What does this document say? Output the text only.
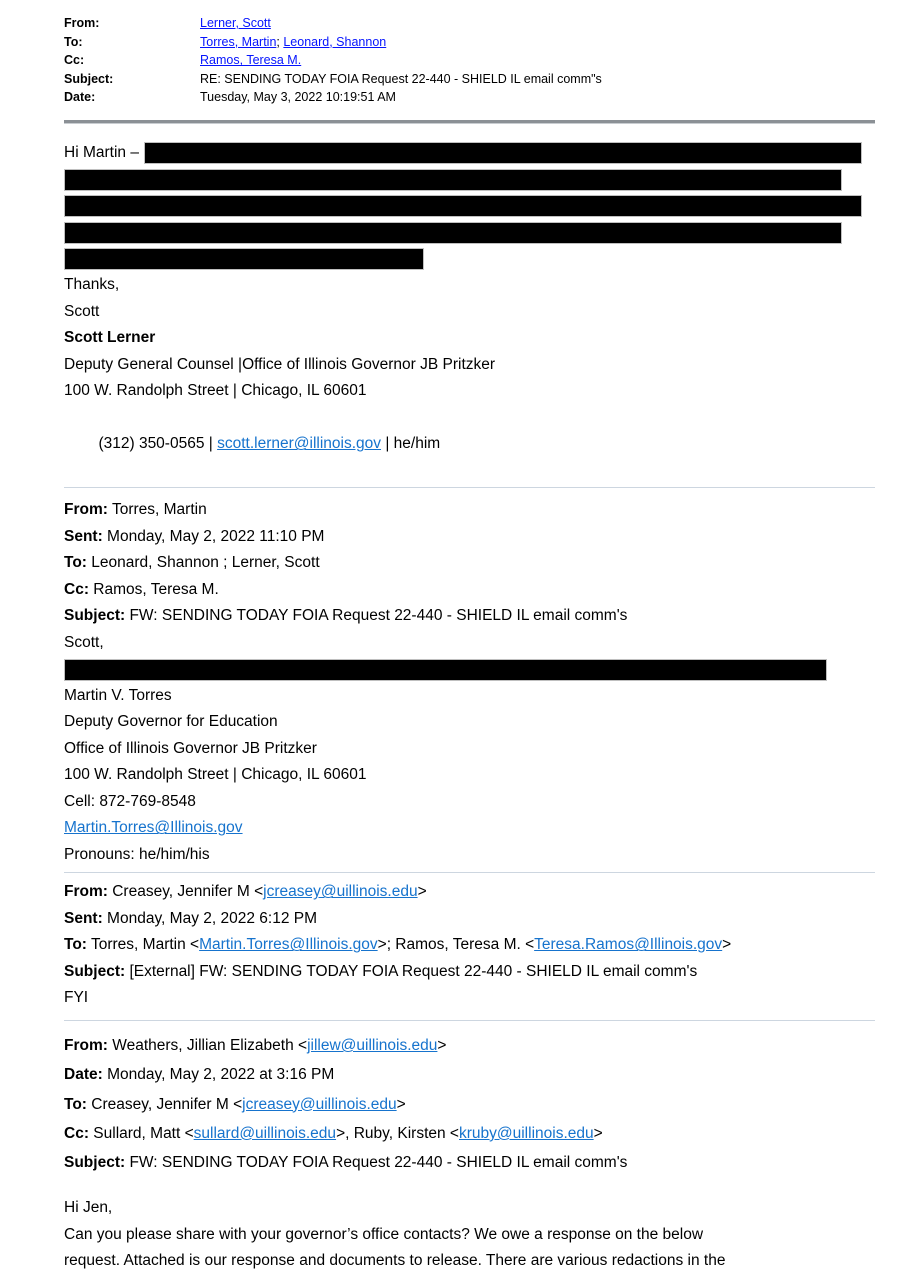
From:	Lerner, Scott
To:	Torres, Martin; Leonard, Shannon
Cc:	Ramos, Teresa M.
Subject:	RE: SENDING TODAY FOIA Request 22-440 - SHIELD IL email comm"s
Date:	Tuesday, May 3, 2022 10:19:51 AM
Hi Martin –
Thanks,
Scott
Scott Lerner
Deputy General Counsel |Office of Illinois Governor JB Pritzker
100 W. Randolph Street | Chicago, IL 60601

(312) 350-0565 | scott.lerner@illinois.gov | he/him

From: Torres, Martin
Sent: Monday, May 2, 2022 11:10 PM
To: Leonard, Shannon ; Lerner, Scott
Cc: Ramos, Teresa M.
Subject: FW: SENDING TODAY FOIA Request 22-440 - SHIELD IL email comm's
Scott,
Martin V. Torres
Deputy Governor for Education
Office of Illinois Governor JB Pritzker
100 W. Randolph Street | Chicago, IL 60601
Cell: 872-769-8548
Martin.Torres@Illinois.gov
Pronouns: he/him/his
From: Creasey, Jennifer M <jcreasey@uillinois.edu>
Sent: Monday, May 2, 2022 6:12 PM
To: Torres, Martin <Martin.Torres@Illinois.gov>; Ramos, Teresa M. <Teresa.Ramos@Illinois.gov>
Subject: [External] FW: SENDING TODAY FOIA Request 22-440 - SHIELD IL email comm's
FYI
From: Weathers, Jillian Elizabeth <jillew@uillinois.edu>
Date: Monday, May 2, 2022 at 3:16 PM
To: Creasey, Jennifer M <jcreasey@uillinois.edu>
Cc: Sullard, Matt <sullard@uillinois.edu>, Ruby, Kirsten <kruby@uillinois.edu>
Subject: FW: SENDING TODAY FOIA Request 22-440 - SHIELD IL email comm's
Hi Jen,
Can you please share with your governor’s office contacts? We owe a response on the below
request. Attached is our response and documents to release. There are various redactions in the
